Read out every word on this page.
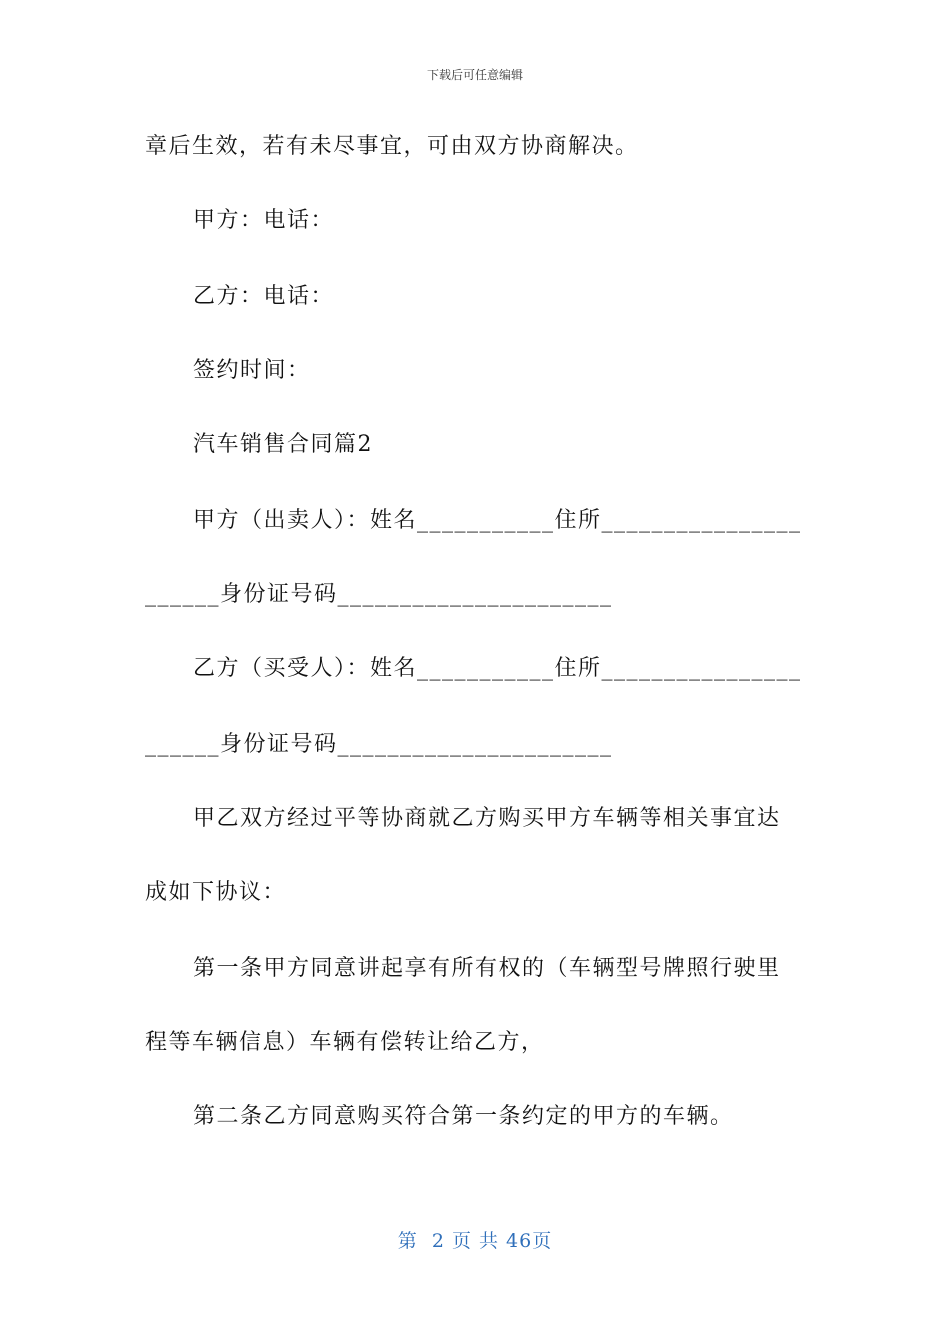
下载后可任意编辑
章后生效，若有未尽事宜，可由双方协商解决。
甲方：电话：
乙方：电话：
签约时间：
汽车销售合同篇2
甲方（出卖人）：姓名___________住所________________
______身份证号码______________________
乙方（买受人）：姓名___________住所________________
______身份证号码______________________
甲乙双方经过平等协商就乙方购买甲方车辆等相关事宜达
成如下协议：
第一条甲方同意讲起享有所有权的（车辆型号牌照行驶里
程等车辆信息）车辆有偿转让给乙方，
第二条乙方同意购买符合第一条约定的甲方的车辆。
第  2 页 共 46页
